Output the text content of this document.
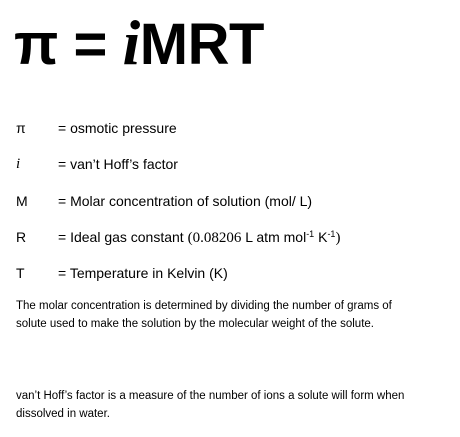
π = iMRT
π = osmotic pressure
i	= van’t Hoff’s factor
M = Molar concentration of solution (mol/ L)
R = Ideal gas constant (0.08206 L atm mol$^{-1}$ $K^{-1}$)
T = Temperature in Kelvin (K)
The molar concentration is determined by dividing the number of grams of solute used to make the solution by the molecular weight of the solute.
van’t Hoff’s factor is a measure of the number of ions a solute will form when dissolved in water.
